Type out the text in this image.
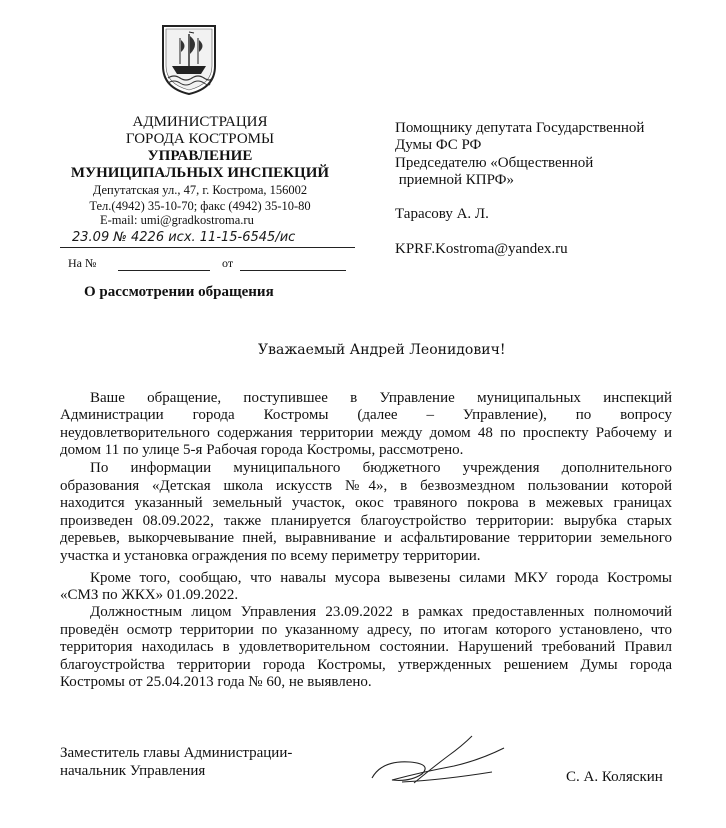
АДМИНИСТРАЦИЯ
ГОРОДА КОСТРОМЫ
УПРАВЛЕНИЕ
МУНИЦИПАЛЬНЫХ ИНСПЕКЦИЙ
Депутатская ул., 47, г. Кострома, 156002
Тел.(4942) 35-10-70; факс (4942) 35-10-80
E-mail: umi@gradkostroma.ru
23.09 № 4226 исх. 11-15-6545/ис
На №	от
О рассмотрении обращения
Помощнику депутата Государственной
Думы ФС РФ
Председателю «Общественной
приемной КПРФ»
Тарасову А. Л.
KPRF.Kostroma@yandex.ru
Уважаемый Андрей Леонидович!
Ваше обращение, поступившее в Управление муниципальных инспекций
Администрации города Костромы (далее – Управление), по вопросу
неудовлетворительного содержания территории между домом 48 по проспекту Рабочему и
домом 11 по улице 5-я Рабочая города Костромы, рассмотрено.
По информации муниципального бюджетного учреждения дополнительного
образования «Детская школа искусств №4», в безвозмездном пользовании которой
находится указанный земельный участок, окос травяного покрова в межевых границах
произведен 08.09.2022, также планируется благоустройство территории: вырубка старых
деревьев, выкорчевывание пней, выравнивание и асфальтирование территории земельного
участка и установка ограждения по всему периметру территории.
Кроме того, сообщаю, что навалы мусора вывезены силами МКУ города Костромы
«СМЗ по ЖКХ» 01.09.2022.
Должностным лицом Управления 23.09.2022 в рамках предоставленных полномочий
проведён осмотр территории по указанному адресу, по итогам которого установлено, что
территория находилась в удовлетворительном состоянии. Нарушений требований Правил
благоустройства территории города Костромы, утвержденных решением Думы города
Костромы от 25.04.2013 года № 60, не выявлено.
Заместитель главы Администрации-
начальник Управления	С. А. Коляскин
